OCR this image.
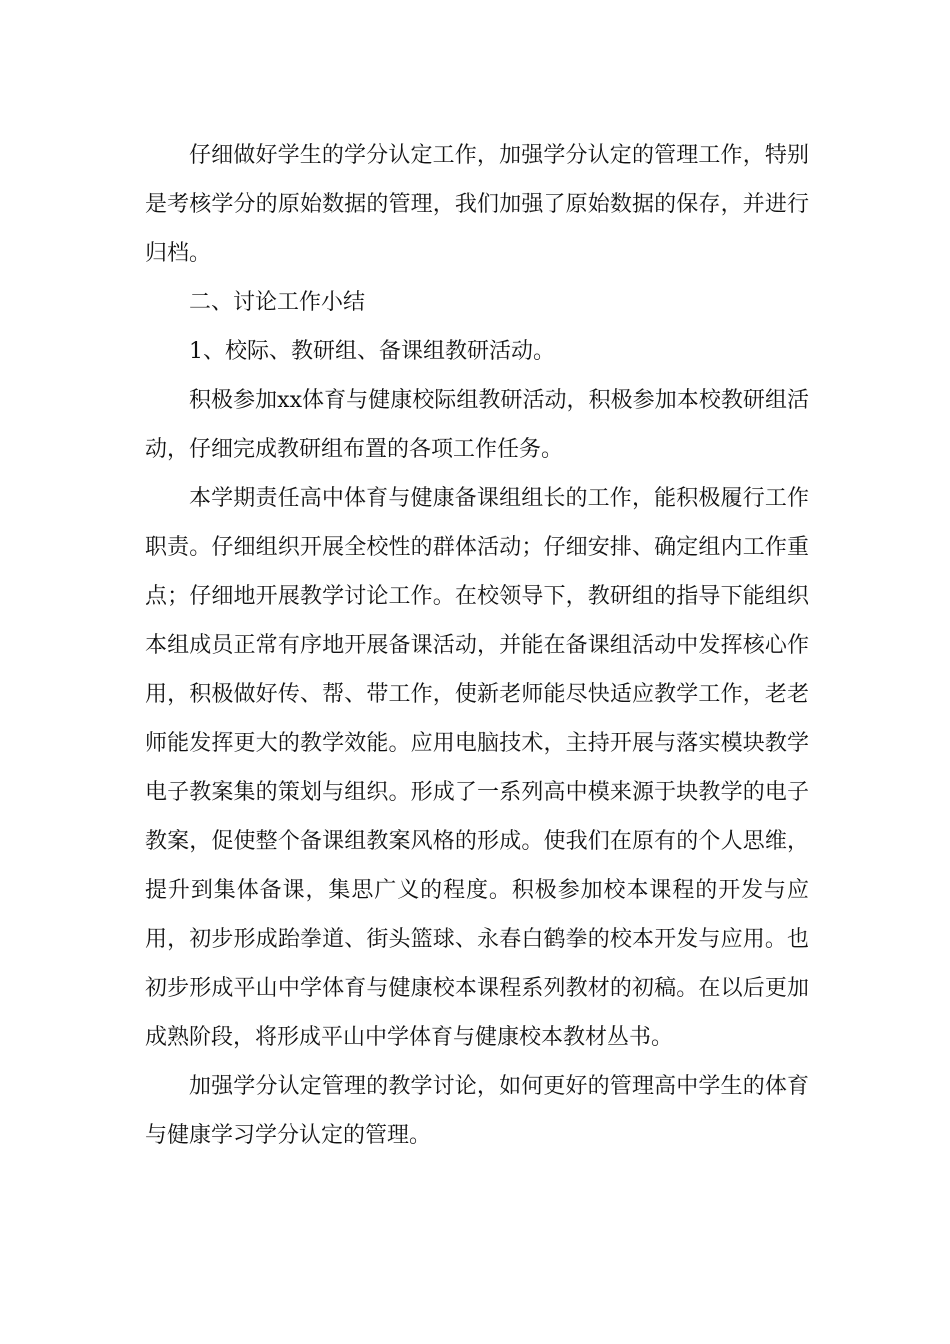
仔细做好学生的学分认定工作，加强学分认定的管理工作，特别是考核学分的原始数据的管理，我们加强了原始数据的保存，并进行归档。

二、讨论工作小结

1、校际、教研组、备课组教研活动。

积极参加xx体育与健康校际组教研活动，积极参加本校教研组活动，仔细完成教研组布置的各项工作任务。

本学期责任高中体育与健康备课组组长的工作，能积极履行工作职责。仔细组织开展全校性的群体活动；仔细安排、确定组内工作重点；仔细地开展教学讨论工作。在校领导下，教研组的指导下能组织本组成员正常有序地开展备课活动，并能在备课组活动中发挥核心作用，积极做好传、帮、带工作，使新老师能尽快适应教学工作，老老师能发挥更大的教学效能。应用电脑技术，主持开展与落实模块教学电子教案集的策划与组织。形成了一系列高中模来源于块教学的电子教案，促使整个备课组教案风格的形成。使我们在原有的个人思维，提升到集体备课，集思广义的程度。积极参加校本课程的开发与应用，初步形成跆拳道、街头篮球、永春白鹤拳的校本开发与应用。也初步形成平山中学体育与健康校本课程系列教材的初稿。在以后更加成熟阶段，将形成平山中学体育与健康校本教材丛书。

加强学分认定管理的教学讨论，如何更好的管理高中学生的体育与健康学习学分认定的管理。
